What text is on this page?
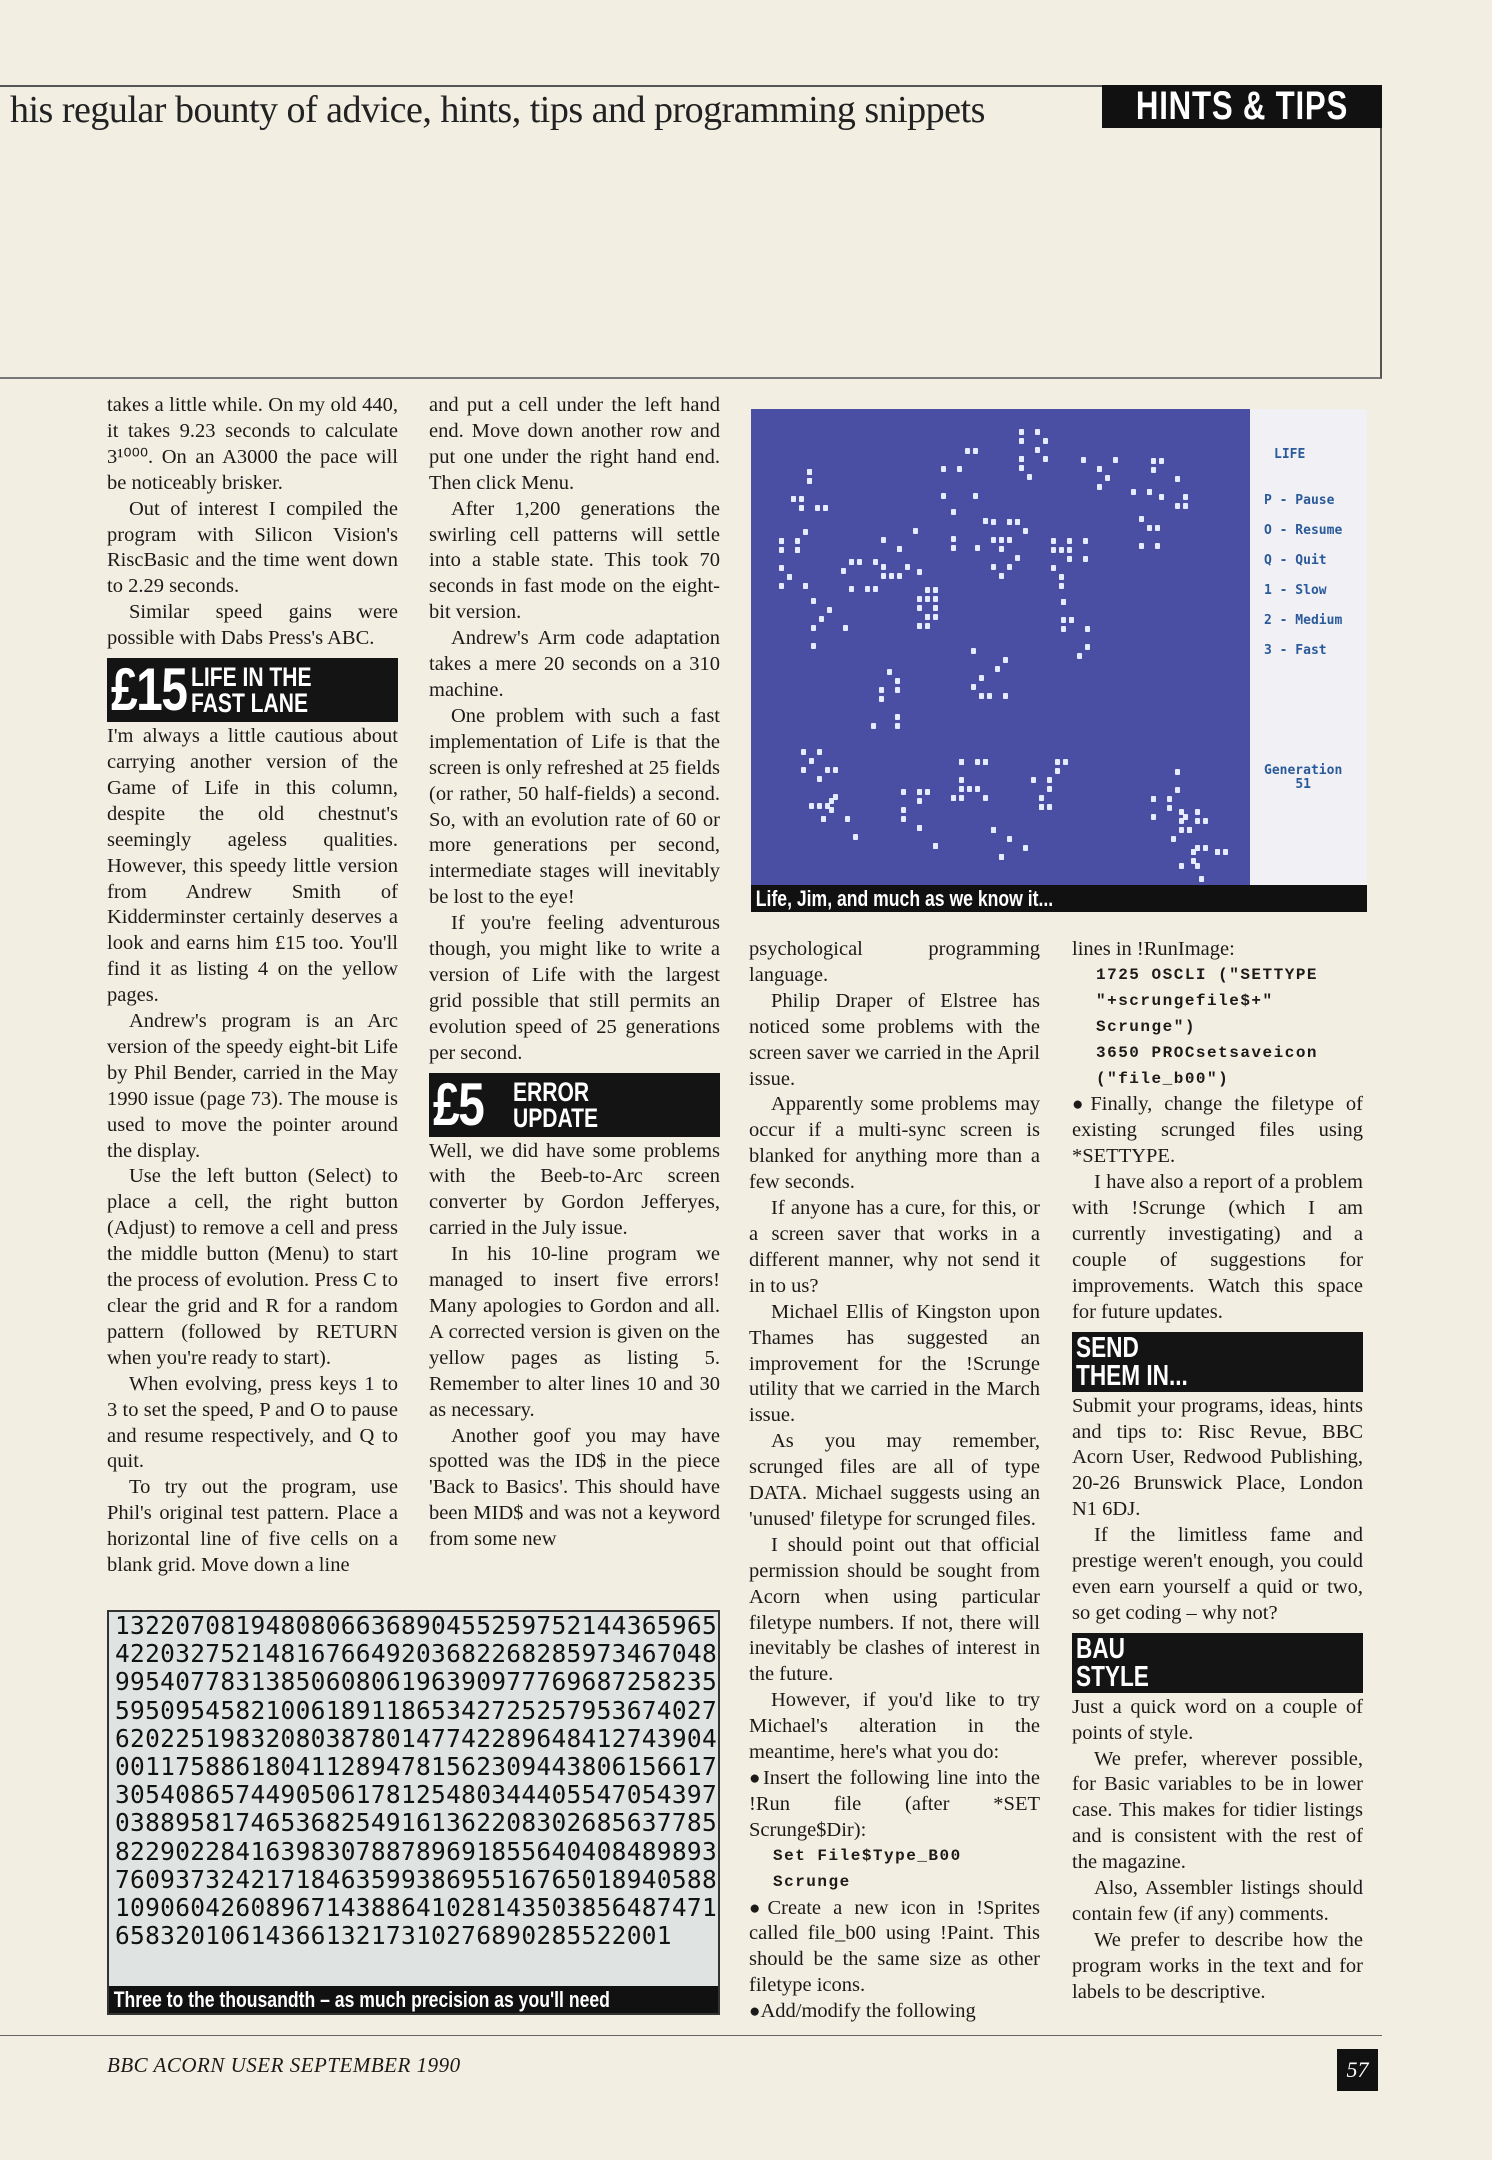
his regular bounty of advice, hints, tips and programming snippets	HINTS & TIPS

takes a little while. On my old 440, it takes 9.23 seconds to calculate 3¹⁰⁰⁰. On an A3000 the pace will be noticeably brisker.

Out of interest I compiled the program with Silicon Vision's RiscBasic and the time went down to 2.29 seconds.

Similar speed gains were possible with Dabs Press's ABC.

£15 LIFE IN THE
FAST LANE

I'm always a little cautious about carrying another version of the Game of Life in this column, despite the old chestnut's seemingly ageless qualities. However, this speedy little version from Andrew Smith of Kidderminster certainly deserves a look and earns him £15 too. You'll find it as listing 4 on the yellow pages.

Andrew's program is an Arc version of the speedy eight-bit Life by Phil Bender, carried in the May 1990 issue (page 73). The mouse is used to move the pointer around the display.

Use the left button (Select) to place a cell, the right button (Adjust) to remove a cell and press the middle button (Menu) to start the process of evolution. Press C to clear the grid and R for a random pattern (followed by RETURN when you're ready to start).

When evolving, press keys 1 to 3 to set the speed, P and O to pause and resume respectively, and Q to quit.

To try out the program, use Phil's original test pattern. Place a horizontal line of five cells on a blank grid. Move down a line

and put a cell under the left hand end. Move down another row and put one under the right hand end. Then click Menu.

After 1,200 generations the swirling cell patterns will settle into a stable state. This took 70 seconds in fast mode on the eight-bit version.

Andrew's Arm code adaptation takes a mere 20 seconds on a 310 machine.

One problem with such a fast implementation of Life is that the screen is only refreshed at 25 fields (or rather, 50 half-fields) a second. So, with an evolution rate of 60 or more generations per second, intermediate stages will inevitably be lost to the eye!

If you're feeling adventurous though, you might like to write a version of Life with the largest grid possible that still permits an evolution speed of 25 generations per second.

£5	ERROR
UPDATE

Well, we did have some problems with the Beeb-to-Arc screen converter by Gordon Jefferyes, carried in the July issue.

In his 10-line program we managed to insert five errors! Many apologies to Gordon and all. A corrected version is given on the yellow pages as listing 5. Remember to alter lines 10 and 30 as necessary.

Another goof you may have spotted was the ID$ in the piece 'Back to Basics'. This should have been MID$ and was not a keyword from some new

psychological programming language.

Philip Draper of Elstree has noticed some problems with the screen saver we carried in the April issue.

Apparently some problems may occur if a multi-sync screen is blanked for anything more than a few seconds.

If anyone has a cure, for this, or a screen saver that works in a different manner, why not send it in to us?

Michael Ellis of Kingston upon Thames has suggested an improvement for the !Scrunge utility that we carried in the March issue.

As you may remember, scrunged files are all of type DATA. Michael suggests using an 'unused' filetype for scrunged files.

I should point out that official permission should be sought from Acorn when using particular filetype numbers. If not, there will inevitably be clashes of interest in the future.

However, if you'd like to try Michael's alteration in the meantime, here's what you do:

● Insert the following line into the !Run file (after *SET Scrunge$Dir):

Set File$Type_B00 Scrunge

● Create a new icon in !Sprites called file_b00 using !Paint. This should be the same size as other filetype icons.

● Add/modify the following

lines in !RunImage:

1725 OSCLI ("SETTYPE "+scrungefile$+" Scrunge")

3650 PROCsetsaveicon ("file_b00")

● Finally, change the filetype of existing scrunged files using *SETTYPE.

I have also a report of a problem with !Scrunge (which I am currently investigating) and a couple of suggestions for improvements. Watch this space for future updates.

SEND
THEM IN...

Submit your programs, ideas, hints and tips to: Risc Revue, BBC Acorn User, Redwood Publishing, 20-26 Brunswick Place, London N1 6DJ.

If the limitless fame and prestige weren't enough, you could even earn yourself a quid or two, so get coding – why not?

BAU
STYLE

Just a quick word on a couple of points of style.

We prefer, wherever possible, for Basic variables to be in lower case. This makes for tidier listings and is consistent with the rest of the magazine.

Also, Assembler listings should contain few (if any) comments.

We prefer to describe how the program works in the text and for labels to be descriptive.

LIFE
P - Pause
O - Resume
Q - Quit
1 - Slow
2 - Medium
3 - Fast
Generation
51
Life, Jim, and much as we know it...
1322070819480806636890455259752144365965
4220327521481676649203682268285973467048
9954077831385060806196390977769687258235
5950954582100618911865342725257953674027
6202251983208038780147742289648412743904
0011758861804112894781562309443806156617
3054086574490506178125480344405547054397
0388958174653682549161362208302685637785
8229022841639830788789691855640408489893
7609373242171846359938695516765018940588
1090604260896714388641028143503856487471
6583201061436613217310276890285522001
Three to the thousandth – as much precision as you'll need
BBC ACORN USER SEPTEMBER 1990	57
